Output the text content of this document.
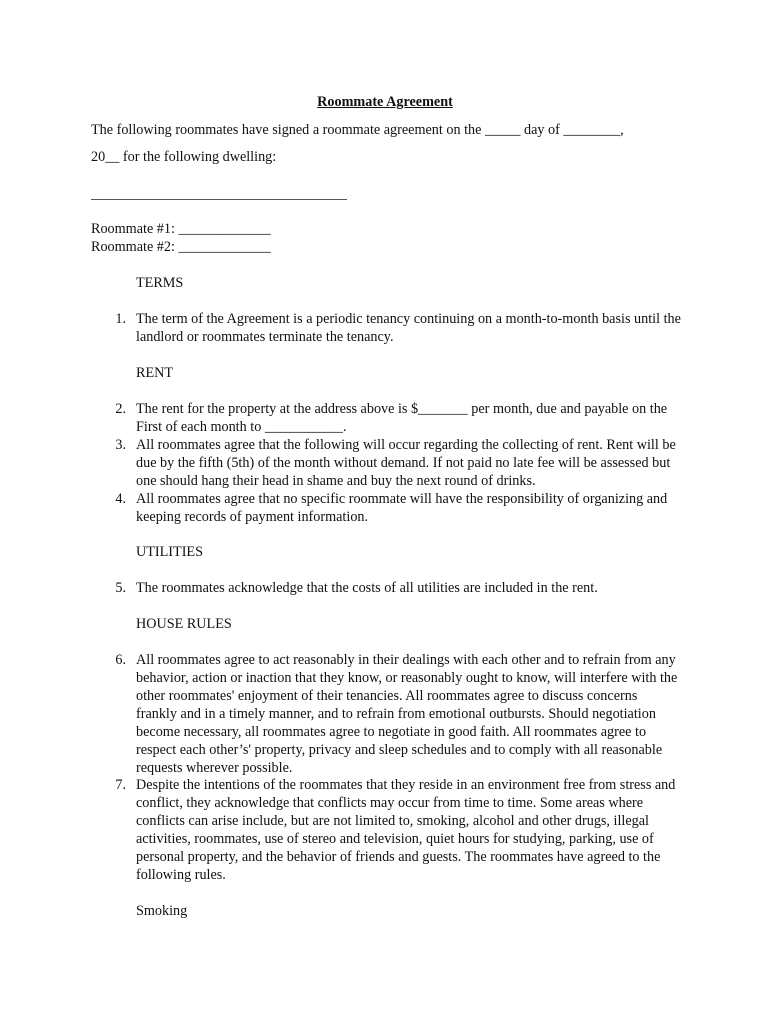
Roommate Agreement
The following roommates have signed a roommate agreement on the _____ day of ________,
20__ for the following dwelling:
Roommate #1: _____________
Roommate #2: _____________
TERMS
1. The term of the Agreement is a periodic tenancy continuing on a month-to-month basis until the landlord or roommates terminate the tenancy.
RENT
2. The rent for the property at the address above is $_______ per month, due and payable on the First of each month to ___________.
3. All roommates agree that the following will occur regarding the collecting of rent. Rent will be due by the fifth (5th) of the month without demand. If not paid no late fee will be assessed but one should hang their head in shame and buy the next round of drinks.
4. All roommates agree that no specific roommate will have the responsibility of organizing and keeping records of payment information.
UTILITIES
5. The roommates acknowledge that the costs of all utilities are included in the rent.
HOUSE RULES
6. All roommates agree to act reasonably in their dealings with each other and to refrain from any behavior, action or inaction that they know, or reasonably ought to know, will interfere with the other roommates' enjoyment of their tenancies. All roommates agree to discuss concerns frankly and in a timely manner, and to refrain from emotional outbursts. Should negotiation become necessary, all roommates agree to negotiate in good faith. All roommates agree to respect each other’s' property, privacy and sleep schedules and to comply with all reasonable requests wherever possible.
7. Despite the intentions of the roommates that they reside in an environment free from stress and conflict, they acknowledge that conflicts may occur from time to time. Some areas where conflicts can arise include, but are not limited to, smoking, alcohol and other drugs, illegal activities, roommates, use of stereo and television, quiet hours for studying, parking, use of personal property, and the behavior of friends and guests. The roommates have agreed to the following rules.
Smoking
